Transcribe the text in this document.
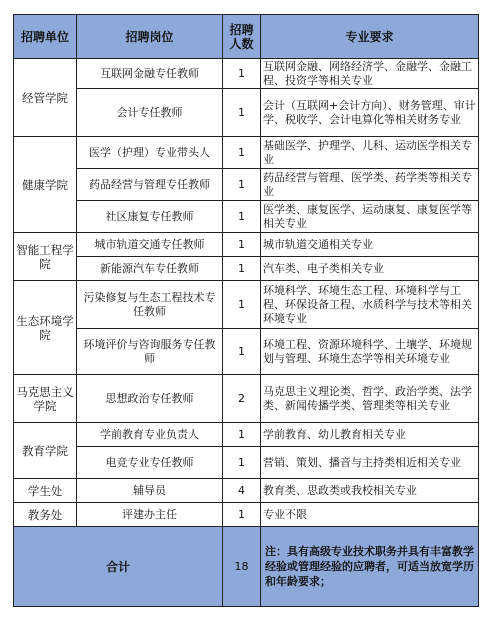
招聘单位	招聘岗位	招聘人数	专业要求
经管学院	互联网金融专任教师	1	互联网金融、网络经济学、金融学、金融工程、投资学等相关专业
	会计专任教师	1	会计（互联网+会计方向）、财务管理、审计学、税收学、会计电算化等相关财务专业
健康学院	医学（护理）专业带头人	1	基础医学、护理学、儿科、运动医学相关专业
	药品经营与管理专任教师	1	药品经营与管理、医学类、药学类等相关专业
	社区康复专任教师	1	医学类、康复医学、运动康复、康复医学等相关专业
智能工程学院	城市轨道交通专任教师	1	城市轨道交通相关专业
	新能源汽车专任教师	1	汽车类、电子类相关专业
生态环境学院	污染修复与生态工程技术专任教师	1	环境科学、环境生态工程、环境科学与工程、环保设备工程、水质科学与技术等相关环境专业
	环境评价与咨询服务专任教师	1	环境工程、资源环境科学、土壤学、环境规划与管理、环境生态学等相关环境专业
马克思主义学院	思想政治专任教师	2	马克思主义理论类、哲学、政治学类、法学类、新闻传播学类、管理类等相关专业
教育学院	学前教育专业负责人	1	学前教育、幼儿教育相关专业
	电竞专业专任教师	1	营销、策划、播音与主持类相近相关专业
学生处	辅导员	4	教育类、思政类或我校相关专业
教务处	评建办主任	1	专业不限
合计		18	注：具有高级专业技术职务并具有丰富教学经验或管理经验的应聘者，可适当放宽学历和年龄要求；
